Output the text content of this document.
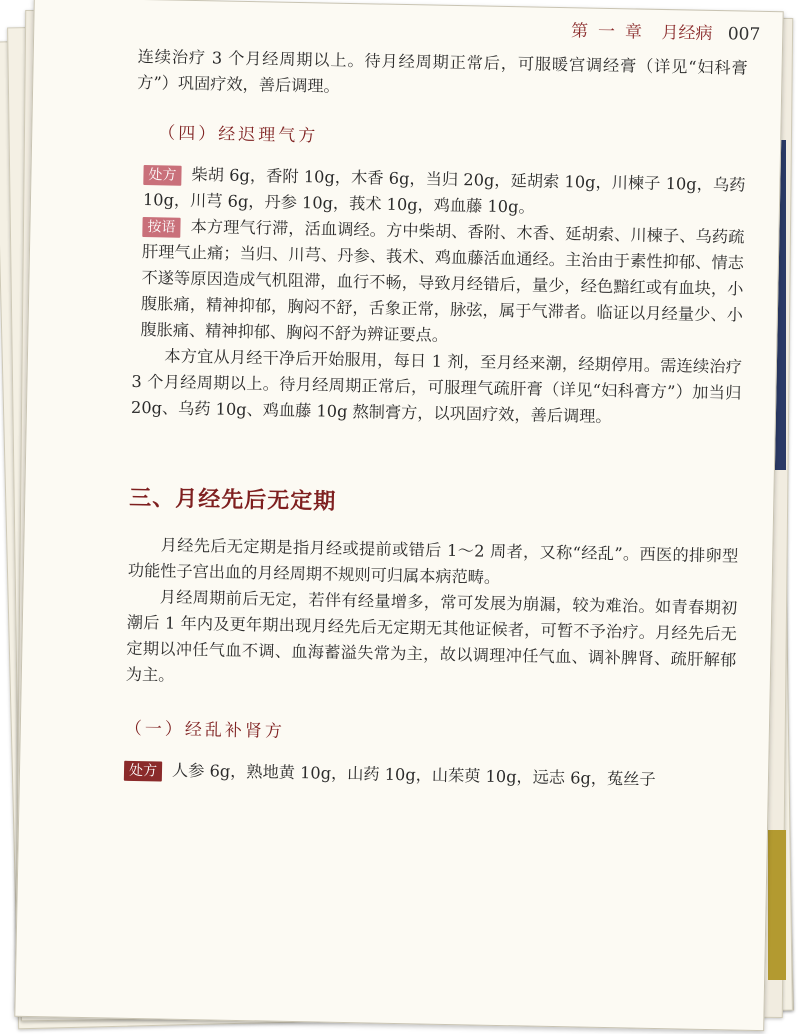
第一章 月经病 007

连续治疗 3 个月经周期以上。待月经周期正常后，可服暖宫调经膏（详见“妇科膏方”）巩固疗效，善后调理。

（四）经迟理气方

处方 柴胡 6g，香附 10g，木香 6g，当归 20g，延胡索 10g，川楝子 10g，乌药 10g，川芎 6g，丹参 10g，莪术 10g，鸡血藤 10g。

按语 本方理气行滞，活血调经。方中柴胡、香附、木香、延胡索、川楝子、乌药疏肝理气止痛；当归、川芎、丹参、莪术、鸡血藤活血通经。主治由于素性抑郁、情志不遂等原因造成气机阻滞，血行不畅，导致月经错后，量少，经色黯红或有血块，小腹胀痛，精神抑郁，胸闷不舒，舌象正常，脉弦，属于气滞者。临证以月经量少、小腹胀痛、精神抑郁、胸闷不舒为辨证要点。

本方宜从月经干净后开始服用，每日 1 剂，至月经来潮，经期停用。需连续治疗 3 个月经周期以上。待月经周期正常后，可服理气疏肝膏（详见“妇科膏方”）加当归 20g、乌药 10g、鸡血藤 10g 熬制膏方，以巩固疗效，善后调理。

三、月经先后无定期

月经先后无定期是指月经或提前或错后 1～2 周者，又称“经乱”。西医的排卵型功能性子宫出血的月经周期不规则可归属本病范畴。

月经周期前后无定，若伴有经量增多，常可发展为崩漏，较为难治。如青春期初潮后 1 年内及更年期出现月经先后无定期无其他证候者，可暂不予治疗。月经先后无定期以冲任气血不调、血海蓄溢失常为主，故以调理冲任气血、调补脾肾、疏肝解郁为主。

（一）经乱补肾方

处方 人参 6g，熟地黄 10g，山药 10g，山茱萸 10g，远志 6g，菟丝子
